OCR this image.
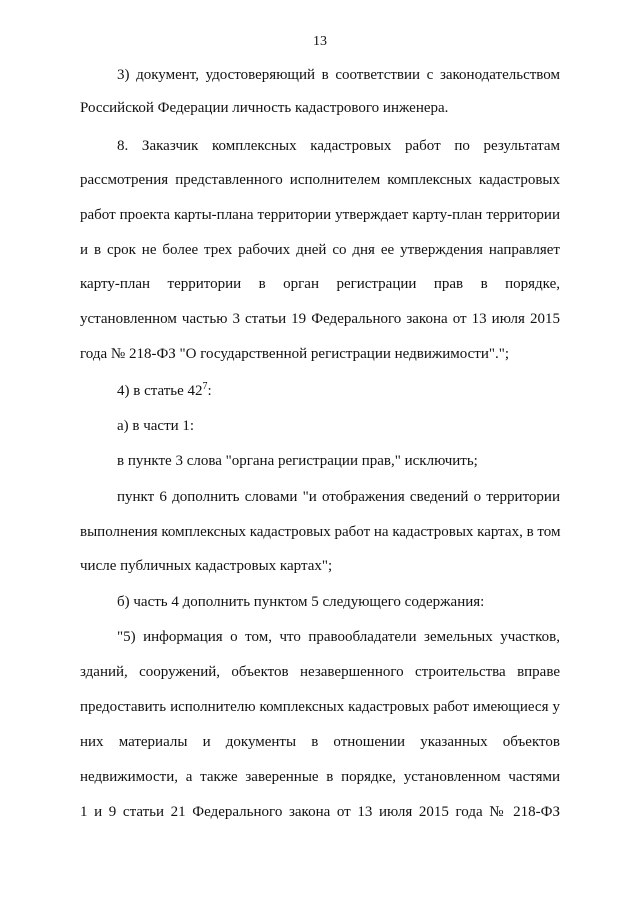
13
3) документ, удостоверяющий в соответствии с законодательством
Российской Федерации личность кадастрового инженера.
8. Заказчик комплексных кадастровых работ по результатам
рассмотрения представленного исполнителем комплексных кадастровых
работ проекта карты-плана территории утверждает карту-план территории
и в срок не более трех рабочих дней со дня ее утверждения направляет
карту-план территории в орган регистрации прав в порядке,
установленном частью 3 статьи 19 Федерального закона от 13 июля 2015
года № 218-ФЗ "О государственной регистрации недвижимости".";
4) в статье $42^7$:
а) в части 1:
в пункте 3 слова "органа регистрации прав," исключить;
пункт 6 дополнить словами "и отображения сведений о территории
выполнения комплексных кадастровых работ на кадастровых картах, в том
числе публичных кадастровых картах";
б) часть 4 дополнить пунктом 5 следующего содержания:
"5) информация о том, что правообладатели земельных участков,
зданий, сооружений, объектов незавершенного строительства вправе
предоставить исполнителю комплексных кадастровых работ имеющиеся у
них материалы и документы в отношении указанных объектов
недвижимости, а также заверенные в порядке, установленном частями
1 и 9 статьи 21 Федерального закона от 13 июля 2015 года № 218-ФЗ
